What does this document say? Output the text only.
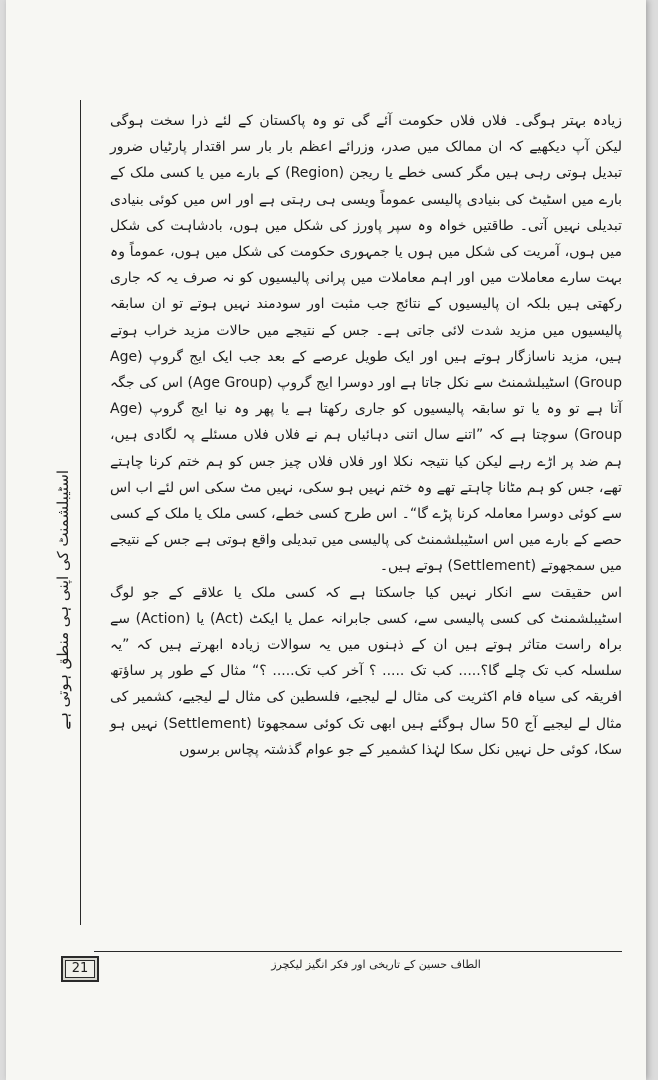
اسٹیبلشمنٹ کی اپنی ہی منطق ہوتی ہے

زیادہ بہتر ہوگی۔ فلاں فلاں حکومت آئے گی تو وہ پاکستان کے لئے ذرا سخت ہوگی لیکن آپ دیکھیے کہ ان ممالک میں صدر، وزرائے اعظم بار بار سر اقتدار پارٹیاں ضرور تبدیل ہوتی رہی ہیں مگر کسی خطے یا ریجن (Region) کے بارے میں یا کسی ملک کے بارے میں اسٹیٹ کی بنیادی پالیسی عموماً ویسی ہی رہتی ہے اور اس میں کوئی بنیادی تبدیلی نہیں آتی۔ طاقتیں خواہ وہ سپر پاورز کی شکل میں ہوں، بادشاہت کی شکل میں ہوں، آمریت کی شکل میں ہوں یا جمہوری حکومت کی شکل میں ہوں، عموماً وہ بہت سارے معاملات میں اور اہم معاملات میں پرانی پالیسیوں کو نہ صرف یہ کہ جاری رکھتی ہیں بلکہ ان پالیسیوں کے نتائج جب مثبت اور سودمند نہیں ہوتے تو ان سابقہ پالیسیوں میں مزید شدت لائی جاتی ہے۔ جس کے نتیجے میں حالات مزید خراب ہوتے ہیں، مزید ناسازگار ہوتے ہیں اور ایک طویل عرصے کے بعد جب ایک ایج گروپ (Age Group) اسٹیبلشمنٹ سے نکل جاتا ہے اور دوسرا ایج گروپ (Age Group) اس کی جگہ آتا ہے تو وہ یا تو سابقہ پالیسیوں کو جاری رکھتا ہے یا پھر وہ نیا ایج گروپ (Age Group) سوچتا ہے کہ ”اتنے سال اتنی دہائیاں ہم نے فلاں فلاں مسئلے پہ لگادی ہیں، ہم ضد پر اڑے رہے لیکن کیا نتیجہ نکلا اور فلاں فلاں چیز جس کو ہم ختم کرنا چاہتے تھے، جس کو ہم مٹانا چاہتے تھے وہ ختم نہیں ہو سکی، نہیں مٹ سکی اس لئے اب اس سے کوئی دوسرا معاملہ کرنا پڑے گا“۔ اس طرح کسی خطے، کسی ملک یا ملک کے کسی حصے کے بارے میں اس اسٹیبلشمنٹ کی پالیسی میں تبدیلی واقع ہوتی ہے جس کے نتیجے میں سمجھوتے (Settlement) ہوتے ہیں۔

اس حقیقت سے انکار نہیں کیا جاسکتا ہے کہ کسی ملک یا علاقے کے جو لوگ اسٹیبلشمنٹ کی کسی پالیسی سے، کسی جابرانہ عمل یا ایکٹ (Act) یا (Action) سے براہ راست متاثر ہوتے ہیں ان کے ذہنوں میں یہ سوالات زیادہ ابھرتے ہیں کہ ”یہ سلسلہ کب تک چلے گا؟..... کب تک ..... ؟ آخر کب تک..... ؟“ مثال کے طور پر ساؤتھ افریقہ کی سیاہ فام اکثریت کی مثال لے لیجیے، فلسطین کی مثال لے لیجیے، کشمیر کی مثال لے لیجیے آج 50 سال ہوگئے ہیں ابھی تک کوئی سمجھوتا (Settlement) نہیں ہو سکا، کوئی حل نہیں نکل سکا لہٰذا کشمیر کے جو عوام گذشتہ پچاس برسوں

21	الطاف حسین کے تاریخی اور فکر انگیز لیکچرز
